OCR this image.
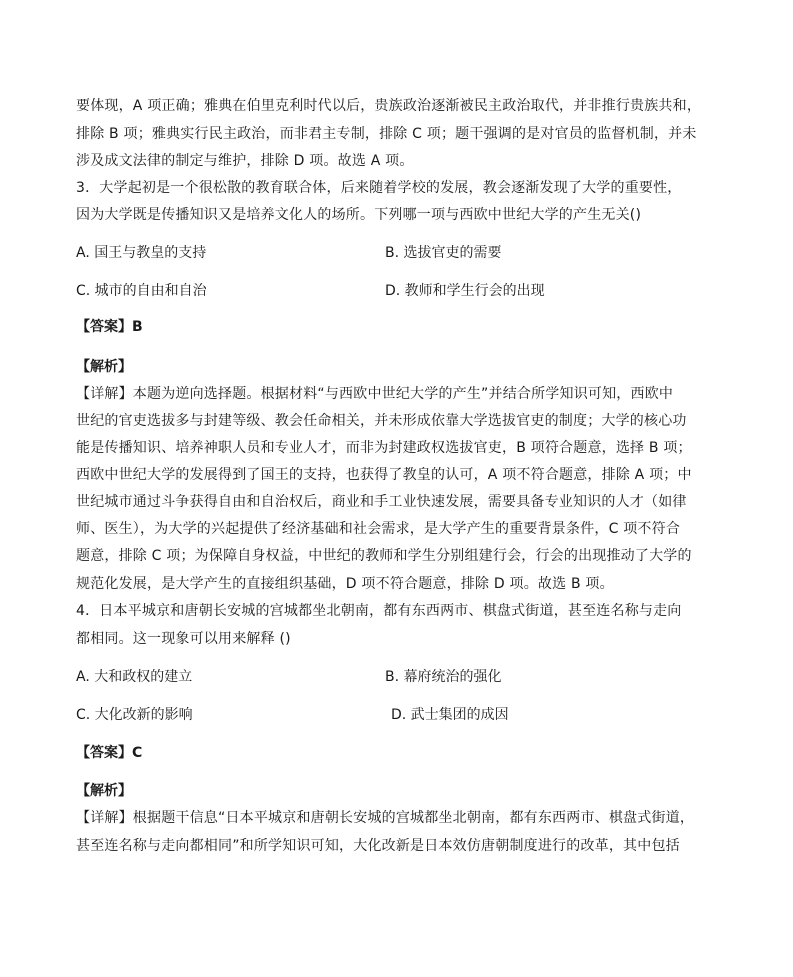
要体现，A 项正确；雅典在伯里克利时代以后，贵族政治逐渐被民主政治取代，并非推行贵族共和，
排除 B 项；雅典实行民主政治，而非君主专制，排除 C 项；题干强调的是对官员的监督机制，并未
涉及成文法律的制定与维护，排除 D 项。故选 A 项。
3．大学起初是一个很松散的教育联合体，后来随着学校的发展，教会逐渐发现了大学的重要性，
因为大学既是传播知识又是培养文化人的场所。下列哪一项与西欧中世纪大学的产生无关()
A. 国王与教皇的支持	B. 选拔官吏的需要
C. 城市的自由和自治	D. 教师和学生行会的出现
【答案】B
【解析】
【详解】本题为逆向选择题。根据材料“与西欧中世纪大学的产生”并结合所学知识可知，西欧中
世纪的官吏选拔多与封建等级、教会任命相关，并未形成依靠大学选拔官吏的制度；大学的核心功
能是传播知识、培养神职人员和专业人才，而非为封建政权选拔官吏，B 项符合题意，选择 B 项；
西欧中世纪大学的发展得到了国王的支持，也获得了教皇的认可，A 项不符合题意，排除 A 项；中
世纪城市通过斗争获得自由和自治权后，商业和手工业快速发展，需要具备专业知识的人才（如律
师、医生），为大学的兴起提供了经济基础和社会需求，是大学产生的重要背景条件，C 项不符合
题意，排除 C 项；为保障自身权益，中世纪的教师和学生分别组建行会，行会的出现推动了大学的
规范化发展，是大学产生的直接组织基础，D 项不符合题意，排除 D 项。故选 B 项。
4．日本平城京和唐朝长安城的宫城都坐北朝南，都有东西两市、棋盘式街道，甚至连名称与走向
都相同。这一现象可以用来解释 ()
A. 大和政权的建立	B. 幕府统治的强化
C. 大化改新的影响	D. 武士集团的成因
【答案】C
【解析】
【详解】根据题干信息“日本平城京和唐朝长安城的宫城都坐北朝南，都有东西两市、棋盘式街道，
甚至连名称与走向都相同”和所学知识可知，大化改新是日本效仿唐朝制度进行的改革，其中包括
